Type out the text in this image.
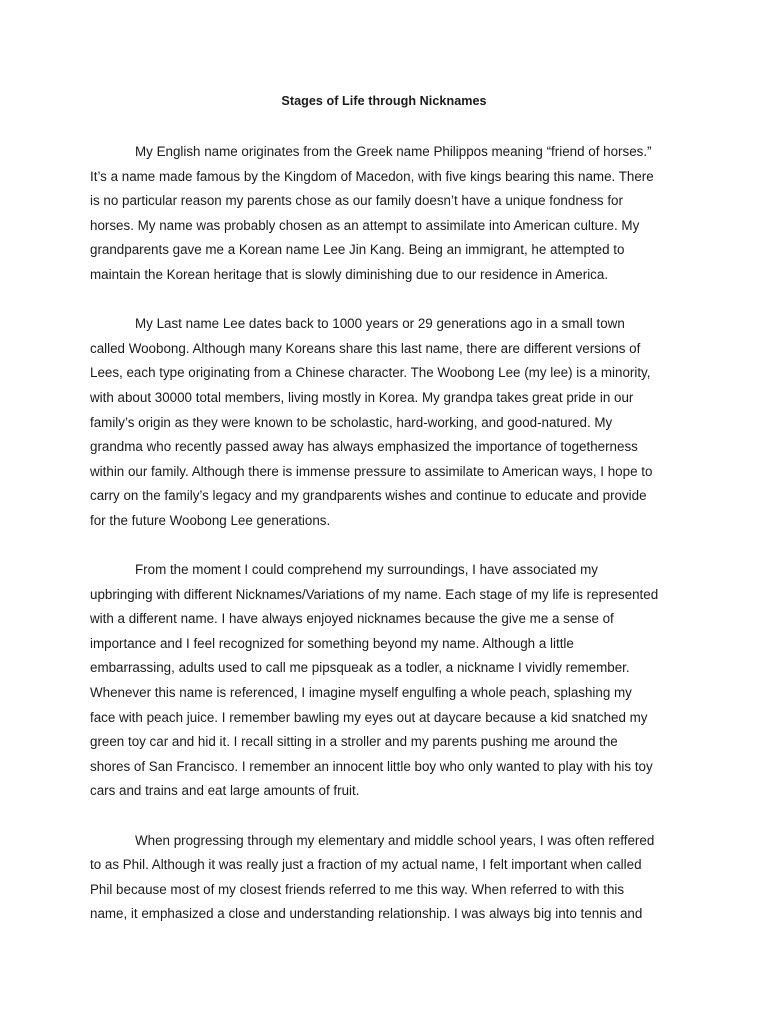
Stages of Life through Nicknames
My English name originates from the Greek name Philippos meaning “friend of horses.”
It’s a name made famous by the Kingdom of Macedon, with five kings bearing this name. There
is no particular reason my parents chose as our family doesn’t have a unique fondness for
horses. My name was probably chosen as an attempt to assimilate into American culture. My
grandparents gave me a Korean name Lee Jin Kang. Being an immigrant, he attempted to
maintain the Korean heritage that is slowly diminishing due to our residence in America.
My Last name Lee dates back to 1000 years or 29 generations ago in a small town
called Woobong. Although many Koreans share this last name, there are different versions of
Lees, each type originating from a Chinese character. The Woobong Lee (my lee) is a minority,
with about 30000 total members, living mostly in Korea. My grandpa takes great pride in our
family’s origin as they were known to be scholastic, hard-working, and good-natured. My
grandma who recently passed away has always emphasized the importance of togetherness
within our family. Although there is immense pressure to assimilate to American ways, I hope to
carry on the family’s legacy and my grandparents wishes and continue to educate and provide
for the future Woobong Lee generations.
From the moment I could comprehend my surroundings, I have associated my
upbringing with different Nicknames/Variations of my name. Each stage of my life is represented
with a different name. I have always enjoyed nicknames because the give me a sense of
importance and I feel recognized for something beyond my name. Although a little
embarrassing, adults used to call me pipsqueak as a todler, a nickname I vividly remember.
Whenever this name is referenced, I imagine myself engulfing a whole peach, splashing my
face with peach juice. I remember bawling my eyes out at daycare because a kid snatched my
green toy car and hid it. I recall sitting in a stroller and my parents pushing me around the
shores of San Francisco. I remember an innocent little boy who only wanted to play with his toy
cars and trains and eat large amounts of fruit.
When progressing through my elementary and middle school years, I was often reffered
to as Phil. Although it was really just a fraction of my actual name, I felt important when called
Phil because most of my closest friends referred to me this way. When referred to with this
name, it emphasized a close and understanding relationship. I was always big into tennis and
